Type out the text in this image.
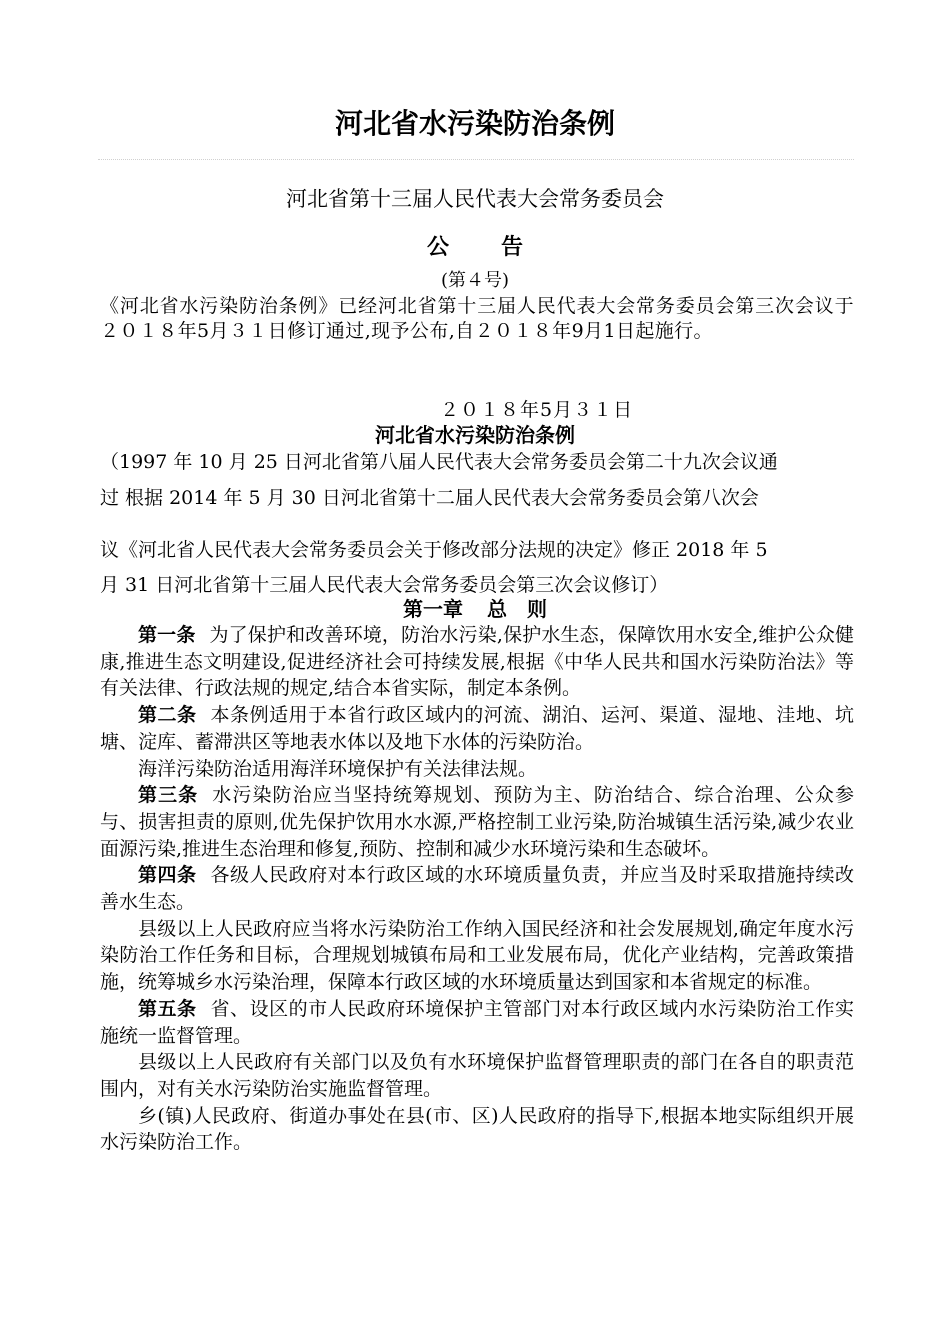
河北省水污染防治条例
河北省第十三届人民代表大会常务委员会
公 告
(第４号)
《河北省水污染防治条例》已经河北省第十三届人民代表大会常务委员会第三次会议于２０１８年5月３１日修订通过,现予公布,自２０１８年9月1日起施行。
２０１８年5月３１日
河北省水污染防治条例
（1997 年 10 月 25 日河北省第八届人民代表大会常务委员会第二十九次会议通
过 根据 2014 年 5 月 30 日河北省第十二届人民代表大会常务委员会第八次会
议《河北省人民代表大会常务委员会关于修改部分法规的决定》修正 2018 年 5
月 31 日河北省第十三届人民代表大会常务委员会第三次会议修订）
第一章 总　则

第一条 为了保护和改善环境，防治水污染,保护水生态，保障饮用水安全,维护公众健康,推进生态文明建设,促进经济社会可持续发展,根据《中华人民共和国水污染防治法》等有关法律、行政法规的规定,结合本省实际，制定本条例。

第二条 本条例适用于本省行政区域内的河流、湖泊、运河、渠道、湿地、洼地、坑塘、淀库、蓄滞洪区等地表水体以及地下水体的污染防治。

海洋污染防治适用海洋环境保护有关法律法规。

第三条 水污染防治应当坚持统筹规划、预防为主、防治结合、综合治理、公众参与、损害担责的原则,优先保护饮用水水源,严格控制工业污染,防治城镇生活污染,减少农业面源污染,推进生态治理和修复,预防、控制和减少水环境污染和生态破坏。

第四条 各级人民政府对本行政区域的水环境质量负责，并应当及时采取措施持续改善水生态。

县级以上人民政府应当将水污染防治工作纳入国民经济和社会发展规划,确定年度水污染防治工作任务和目标，合理规划城镇布局和工业发展布局，优化产业结构，完善政策措施，统筹城乡水污染治理，保障本行政区域的水环境质量达到国家和本省规定的标准。

第五条 省、设区的市人民政府环境保护主管部门对本行政区域内水污染防治工作实施统一监督管理。

县级以上人民政府有关部门以及负有水环境保护监督管理职责的部门在各自的职责范围内，对有关水污染防治实施监督管理。

乡(镇)人民政府、街道办事处在县(市、区)人民政府的指导下,根据本地实际组织开展水污染防治工作。
